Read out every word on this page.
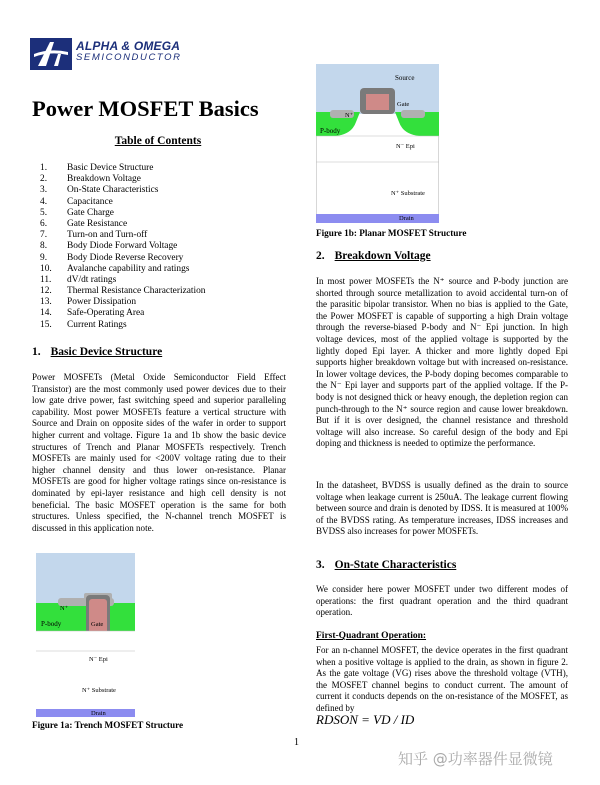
ALPHA & OMEGA
SEMICONDUCTOR
Power MOSFET Basics
Table of Contents
1. Basic Device Structure
2. Breakdown Voltage
3. On-State Characteristics
4. Capacitance
5. Gate Charge
6. Gate Resistance
7. Turn-on and Turn-off
8. Body Diode Forward Voltage
9. Body Diode Reverse Recovery
10. Avalanche capability and ratings
11. dV/dt ratings
12. Thermal Resistance Characterization
13. Power Dissipation
14. Safe-Operating Area
15. Current Ratings
1. Basic Device Structure

Power MOSFETs (Metal Oxide Semiconductor Field Effect Transistor) are the most commonly used power devices due to their low gate drive power, fast switching speed and superior paralleling capability. Most power MOSFETs feature a vertical structure with Source and Drain on opposite sides of the wafer in order to support higher current and voltage. Figure 1a and 1b show the basic device structures of Trench and Planar MOSFETs respectively. Trench MOSFETs are mainly used for <200V voltage rating due to their higher channel density and thus lower on-resistance. Planar MOSFETs are good for higher voltage ratings since on-resistance is dominated by epi-layer resistance and high cell density is not beneficial. The basic MOSFET operation is the same for both structures. Unless specified, the N-channel trench MOSFET is discussed in this application note.

N⁺
P-body	Gate
N⁻ Epi
N⁺ Substrate
Drain
Figure 1a: Trench MOSFET Structure
Source
Gate
N⁺
P-body
N⁻ Epi
N⁺ Substrate
Drain
Figure 1b: Planar MOSFET Structure
2. Breakdown Voltage

In most power MOSFETs the N⁺ source and P-body junction are shorted through source metallization to avoid accidental turn-on of the parasitic bipolar transistor. When no bias is applied to the Gate, the Power MOSFET is capable of supporting a high Drain voltage through the reverse-biased P-body and N⁻ Epi junction. In high voltage devices, most of the applied voltage is supported by the lightly doped Epi layer. A thicker and more lightly doped Epi supports higher breakdown voltage but with increased on-resistance. In lower voltage devices, the P-body doping becomes comparable to the N⁻ Epi layer and supports part of the applied voltage. If the P-body is not designed thick or heavy enough, the depletion region can punch-through to the N⁺ source region and cause lower breakdown. But if it is over designed, the channel resistance and threshold voltage will also increase. So careful design of the body and Epi doping and thickness is needed to optimize the performance.

In the datasheet, BVDSS is usually defined as the drain to source voltage when leakage current is 250uA. The leakage current flowing between source and drain is denoted by IDSS. It is measured at 100% of the BVDSS rating. As temperature increases, IDSS increases and BVDSS also increases for power MOSFETs.

3. On-State Characteristics

We consider here power MOSFET under two different modes of operations: the first quadrant operation and the third quadrant operation.

First-Quadrant Operation:

For an n-channel MOSFET, the device operates in the first quadrant when a positive voltage is applied to the drain, as shown in figure 2. As the gate voltage (VG) rises above the threshold voltage (VTH), the MOSFET channel begins to conduct current. The amount of current it conducts depends on the on-resistance of the MOSFET, as defined by

RDSON = VD / ID
1
知乎 @功率器件显微镜
